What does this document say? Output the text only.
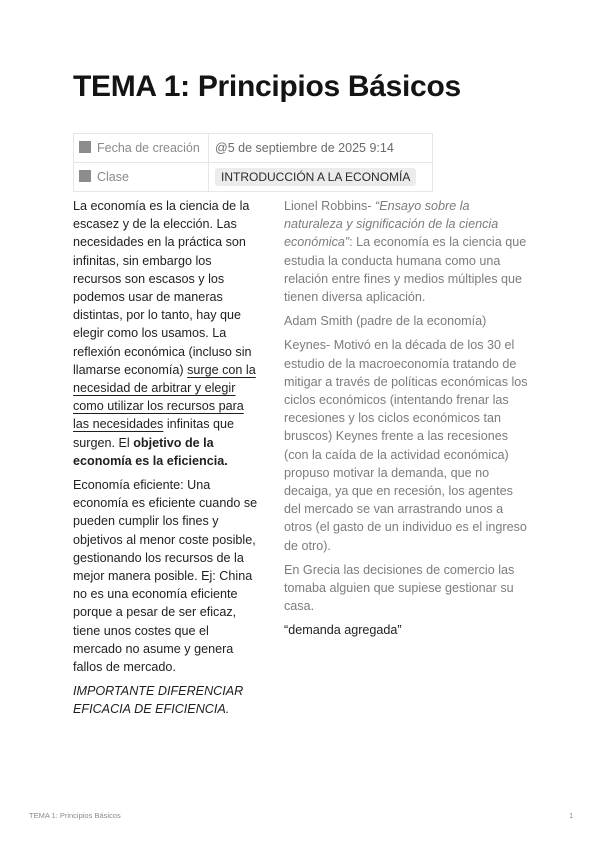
TEMA 1: Principios Básicos
Fecha de creación	@5 de septiembre de 2025 9:14
Clase	INTRODUCCIÓN A LA ECONOMÍA

La economía es la ciencia de la escasez y de la elección. Las necesidades en la práctica son infinitas, sin embargo los recursos son escasos y los podemos usar de maneras distintas, por lo tanto, hay que elegir como los usamos. La reflexión económica (incluso sin llamarse economía) surge con la necesidad de arbitrar y elegir como utilizar los recursos para las necesidades infinitas que surgen. El objetivo de la economía es la eficiencia.

Economía eficiente: Una economía es eficiente cuando se pueden cumplir los fines y objetivos al menor coste posible, gestionando los recursos de la mejor manera posible. Ej: China no es una economía eficiente porque a pesar de ser eficaz, tiene unos costes que el mercado no asume y genera fallos de mercado.

IMPORTANTE DIFERENCIAR EFICACIA DE EFICIENCIA.

Lionel Robbins- “Ensayo sobre la naturaleza y significación de la ciencia económica”: La economía es la ciencia que estudia la conducta humana como una relación entre fines y medios múltiples que tienen diversa aplicación.

Adam Smith (padre de la economía)

Keynes- Motivó en la década de los 30 el estudio de la macroeconomía tratando de mitigar a través de políticas económicas los ciclos económicos (intentando frenar las recesiones y los ciclos económicos tan bruscos) Keynes frente a las recesiones (con la caída de la actividad económica) propuso motivar la demanda, que no decaiga, ya que en recesión, los agentes del mercado se van arrastrando unos a otros (el gasto de un individuo es el ingreso de otro).

En Grecia las decisiones de comercio las tomaba alguien que supiese gestionar su casa.

“demanda agregada”

TEMA 1: Principios Básicos	1
